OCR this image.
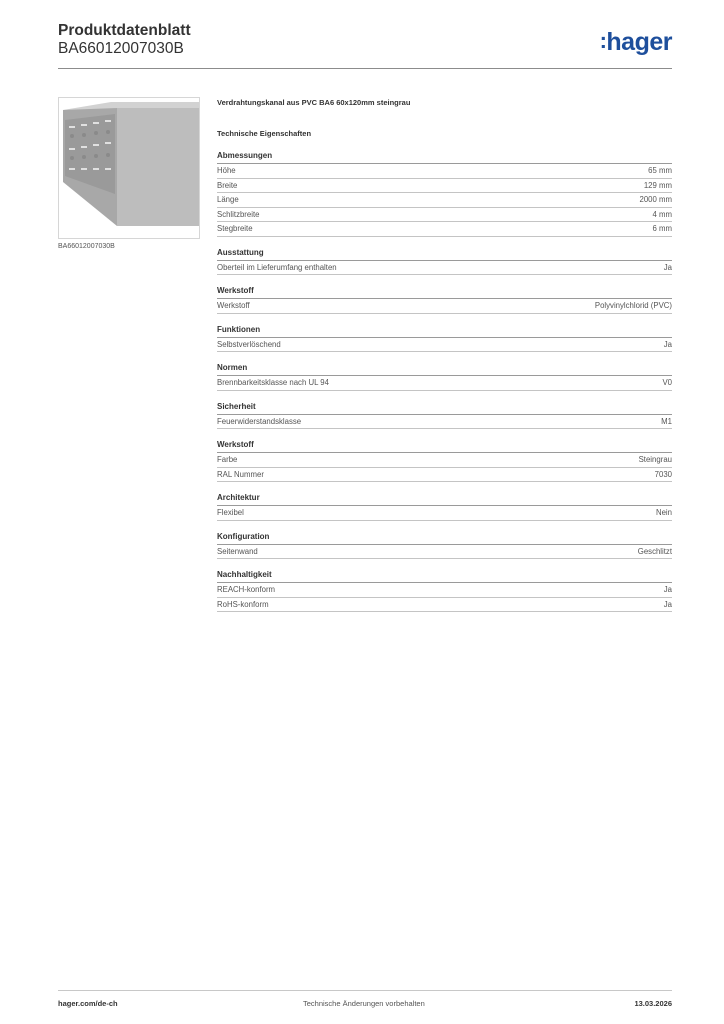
Produktdatenblatt
BA66012007030B	:hager
BA66012007030B
Verdrahtungskanal aus PVC BA6 60x120mm steingrau
Technische Eigenschaften
Abmessungen
Höhe	65 mm
Breite	129 mm
Länge	2000 mm
Schlitzbreite	4 mm
Stegbreite	6 mm
Ausstattung
Oberteil im Lieferumfang enthalten	Ja
Werkstoff
Werkstoff	Polyvinylchlorid (PVC)
Funktionen
Selbstverlöschend	Ja
Normen
Brennbarkeitsklasse nach UL 94	V0
Sicherheit
Feuerwiderstandsklasse	M1
Werkstoff
Farbe	Steingrau
RAL Nummer	7030
Architektur
Flexibel	Nein
Konfiguration
Seitenwand	Geschlitzt
Nachhaltigkeit
REACH-konform	Ja
RoHS-konform	Ja
hager.com/de-ch	Technische Änderungen vorbehalten	13.03.2026
